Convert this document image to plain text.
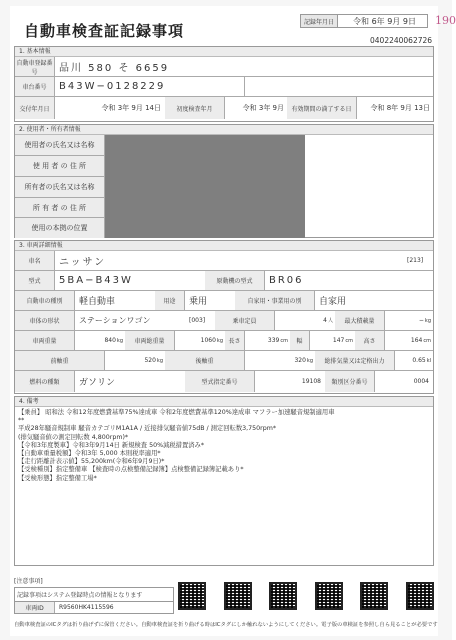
自動車検査証記録事項	記録年月日	令和 6年 9月 9日	190
0402240062726
1. 基本情報
自動車登録番号	品川 580 そ 6659
車台番号	B43W−0128229
交付年月日	令和 3年 9月 14日	初度検査年月	令和 3年 9月	有効期間の満了する日	令和 8年 9月 13日
2. 使用者・所有者情報
使用者の氏名又は名称
使 用 者 の 住 所
所有者の氏名又は名称
所 有 者 の 住 所
使用の本拠の位置
3. 車両詳細情報
車名	ニッサン	[213]
型式	5BA−B43W	原動機の型式	BR06
自動車の種別	軽自動車	用途	乗用	自家用・事業用の別	自家用
車体の形状	ステーションワゴン	[003]	乗車定員	4 人	最大積載量	− kg
車両重量	840 kg	車両総重量	1060 kg 長さ	339 cm	幅	147 cm	高さ	164 cm
前軸重	520 kg	後軸重	320 kg	総排気量又は定格出力	0.65 kl
燃料の種類	ガソリン	型式指定番号	19108	類別区分番号	0004
4. 備考
【乗員】 昭和法 令和12年度燃費基準75%達成車 令和2年度燃費基準120%達成車 マフラー加速騒音規制適用車
**
平成28年騒音規制車 騒音カテゴリM1A1A / 近接排気騒音値75dB / 測定回転数3,750rpm*
(排気騒音値の測定回転数 4,800rpm)*
【令和3年度製車】令和3年9月14日 新規検査 50%減税措置済み*
【自動車重量税額】令和3年 5,000 本則税率適用*
【走行距離計表示値】55,200km(令和6年9月9日)*
【受検種別】指定整備車 【検査時の点検整備記録簿】点検整備記録簿記載あり*
【受検形態】指定整備工場*
[注意事項]
記録事項はシステム登録時点の情報となります
車両ID	R9560HK4115596
自動車検査証のICタグは折り曲げずに保管ください。自動車検査証を折り曲げる時はICタグにしか触れないようにしてください。電子版の車検証を参照し自ら見ることが必要です
